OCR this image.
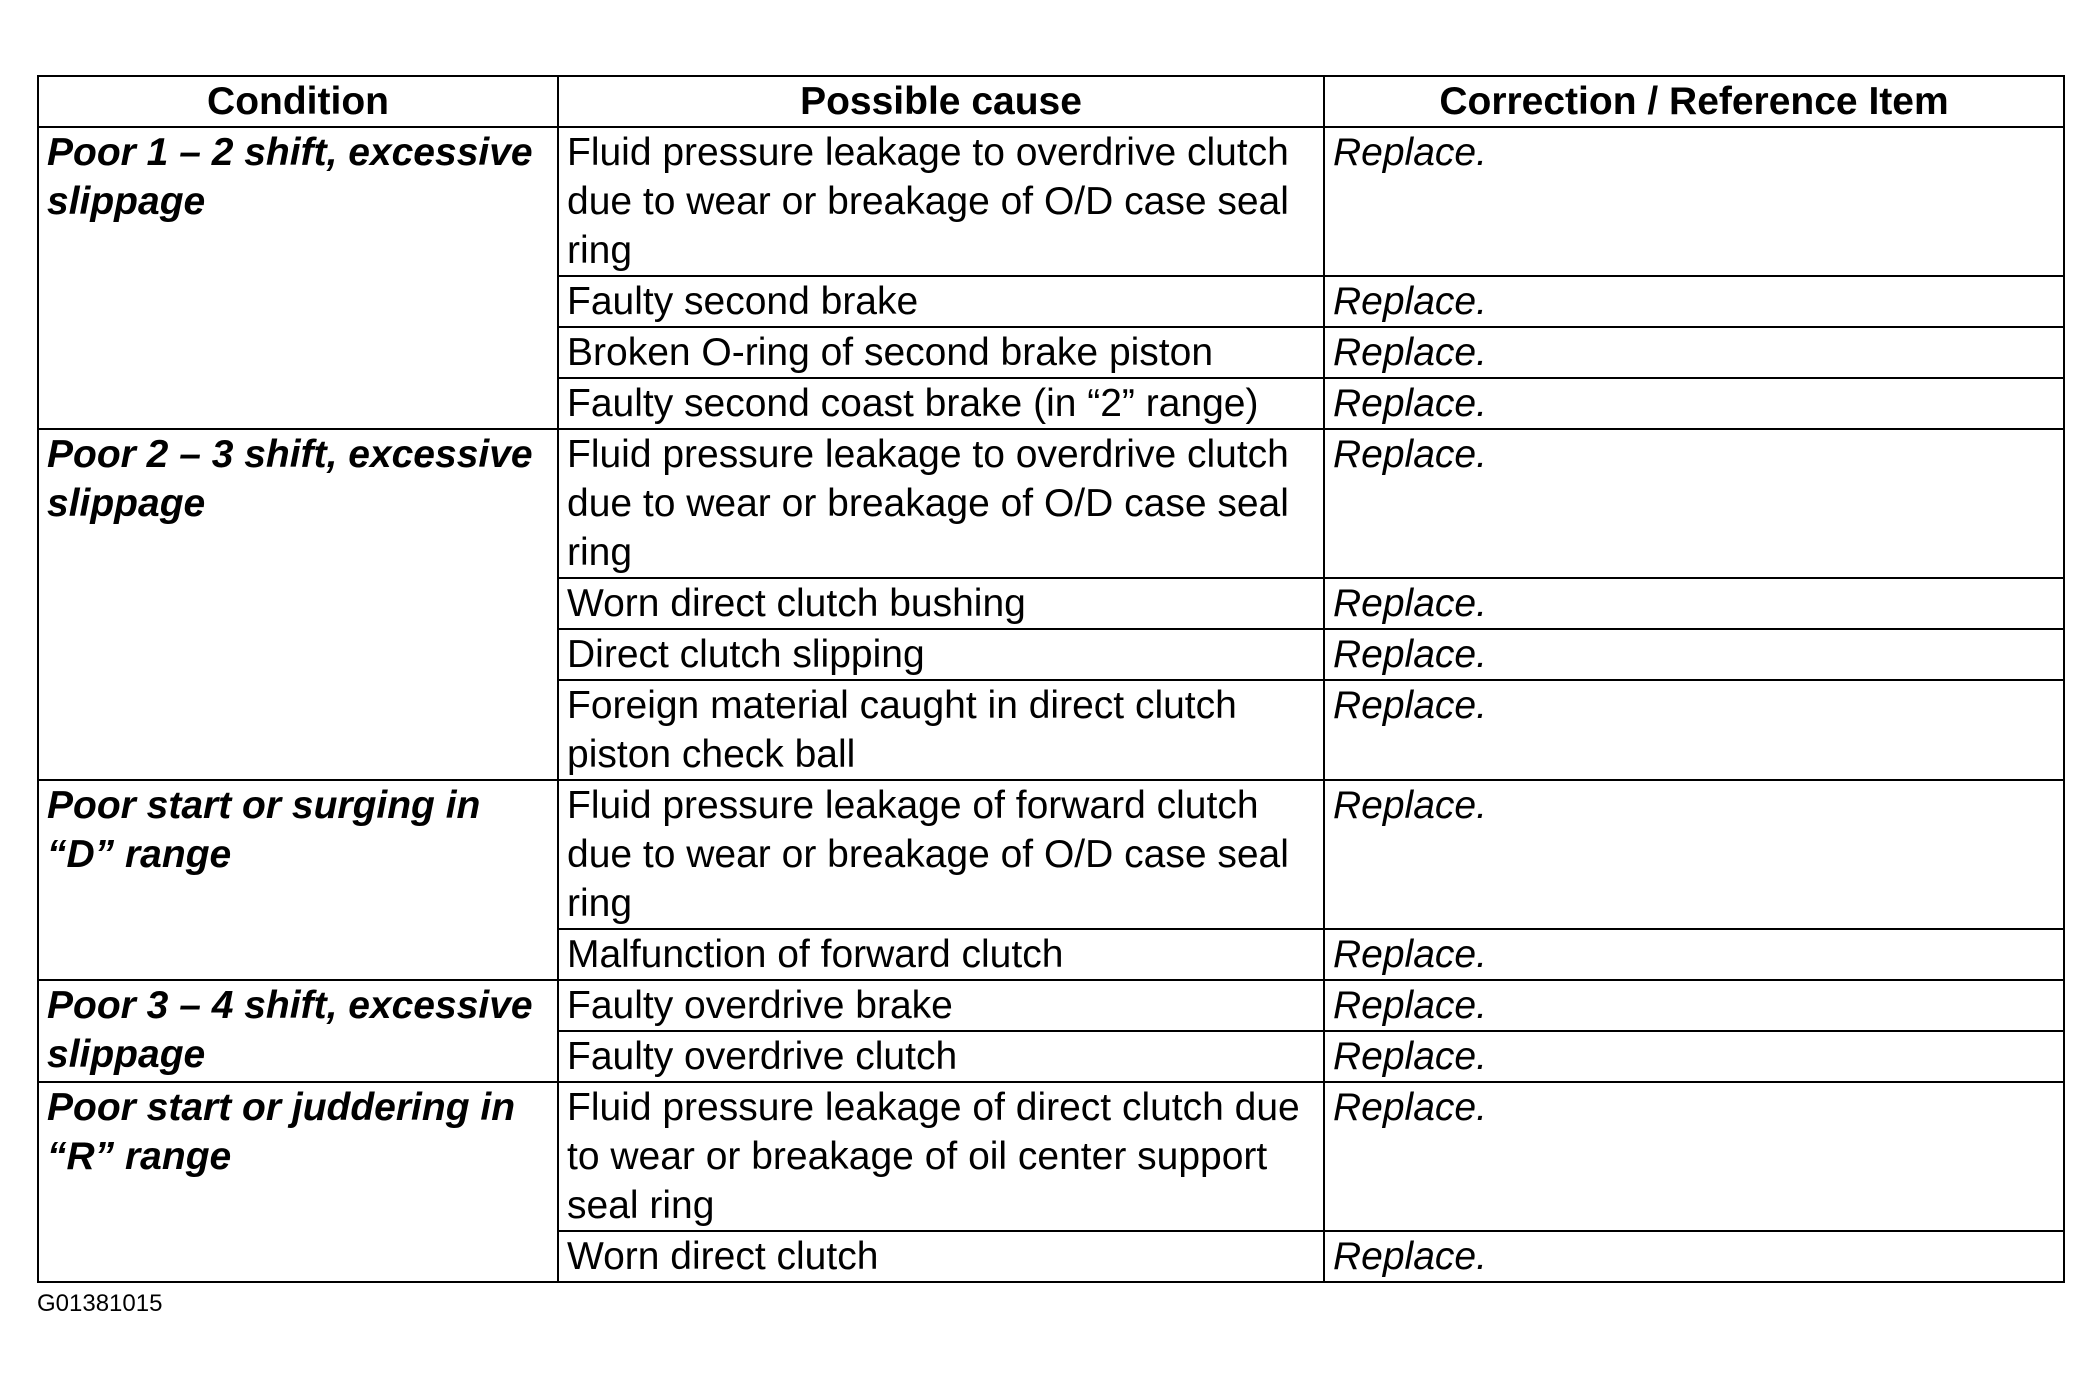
Condition	Possible cause	Correction / Reference Item
Poor 1 – 2 shift, excessive slippage	Fluid pressure leakage to overdrive clutch due to wear or breakage of O/D case seal ring	Replace.
	Faulty second brake	Replace.
	Broken O-ring of second brake piston	Replace.
	Faulty second coast brake (in “2” range)	Replace.
Poor 2 – 3 shift, excessive slippage	Fluid pressure leakage to overdrive clutch due to wear or breakage of O/D case seal ring	Replace.
	Worn direct clutch bushing	Replace.
	Direct clutch slipping	Replace.
	Foreign material caught in direct clutch piston check ball	Replace.
Poor start or surging in “D” range	Fluid pressure leakage of forward clutch due to wear or breakage of O/D case seal ring	Replace.
	Malfunction of forward clutch	Replace.
Poor 3 – 4 shift, excessive slippage	Faulty overdrive brake	Replace.
	Faulty overdrive clutch	Replace.
Poor start or juddering in “R” range	Fluid pressure leakage of direct clutch due to wear or breakage of oil center support seal ring	Replace.
	Worn direct clutch	Replace.
G01381015
